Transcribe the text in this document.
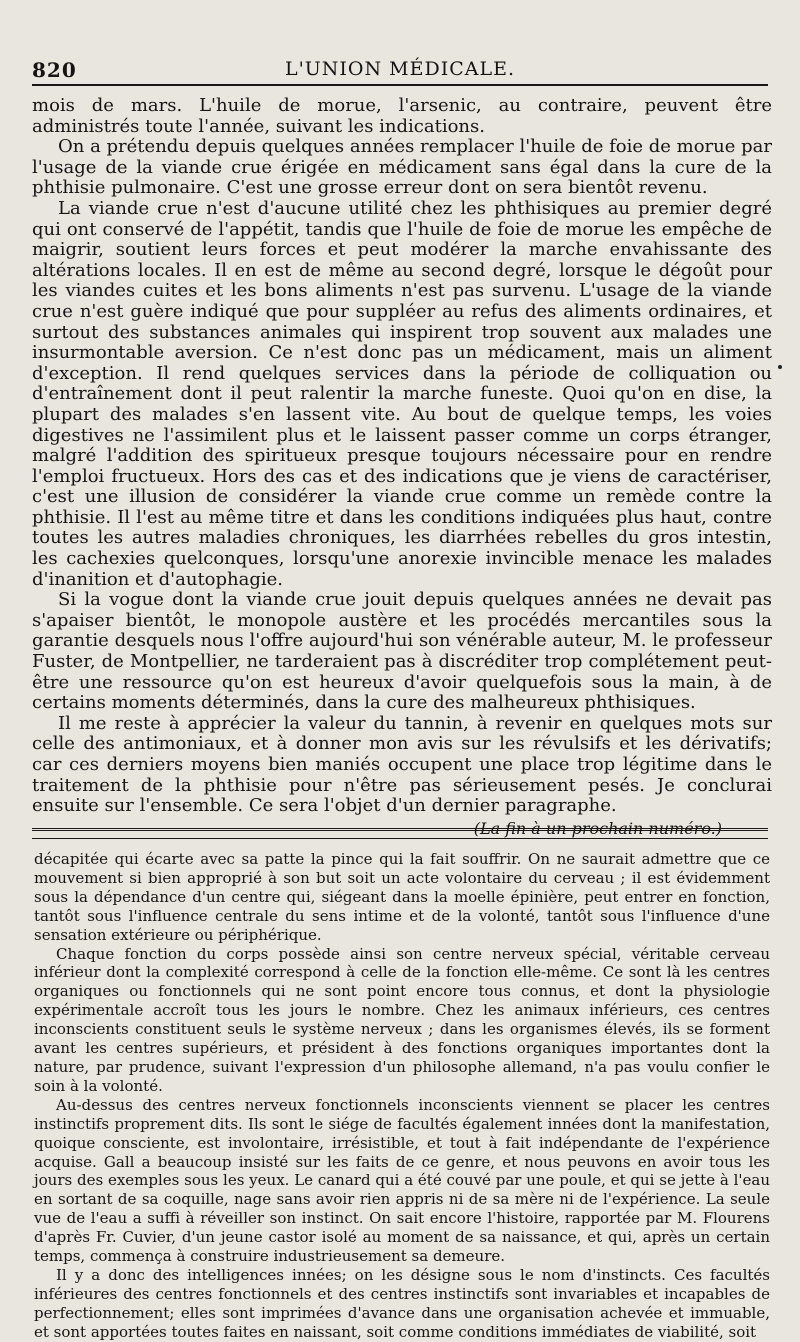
820	L'UNION MÉDICALE.

mois de mars. L'huile de morue, l'arsenic, au contraire, peuvent être administrés toute l'année, suivant les indications.

On a prétendu depuis quelques années remplacer l'huile de foie de morue par l'usage de la viande crue érigée en médicament sans égal dans la cure de la phthisie pulmonaire. C'est une grosse erreur dont on sera bientôt revenu.

La viande crue n'est d'aucune utilité chez les phthisiques au premier degré qui ont conservé de l'appétit, tandis que l'huile de foie de morue les empêche de maigrir, soutient leurs forces et peut modérer la marche envahissante des altérations locales. Il en est de même au second degré, lorsque le dégoût pour les viandes cuites et les bons aliments n'est pas survenu. L'usage de la viande crue n'est guère indiqué que pour suppléer au refus des aliments ordinaires, et surtout des substances animales qui inspirent trop souvent aux malades une insurmontable aversion. Ce n'est donc pas un médicament, mais un aliment d'exception. Il rend quelques services dans la période de colliquation ou d'entraînement dont il peut ralentir la marche funeste. Quoi qu'on en dise, la plupart des malades s'en lassent vite. Au bout de quelque temps, les voies digestives ne l'assimilent plus et le laissent passer comme un corps étranger, malgré l'addition des spiritueux presque toujours nécessaire pour en rendre l'emploi fructueux. Hors des cas et des indications que je viens de caractériser, c'est une illusion de considérer la viande crue comme un remède contre la phthisie. Il l'est au même titre et dans les conditions indiquées plus haut, contre toutes les autres maladies chroniques, les diarrhées rebelles du gros intestin, les cachexies quelconques, lorsqu'une anorexie invincible menace les malades d'inanition et d'autophagie.

Si la vogue dont la viande crue jouit depuis quelques années ne devait pas s'apaiser bientôt, le monopole austère et les procédés mercantiles sous la garantie desquels nous l'offre aujourd'hui son vénérable auteur, M. le professeur Fuster, de Montpellier, ne tarderaient pas à discréditer trop complétement peut-être une ressource qu'on est heureux d'avoir quelquefois sous la main, à de certains moments déterminés, dans la cure des malheureux phthisiques.

Il me reste à apprécier la valeur du tannin, à revenir en quelques mots sur celle des antimoniaux, et à donner mon avis sur les révulsifs et les dérivatifs; car ces derniers moyens bien maniés occupent une place trop légitime dans le traitement de la phthisie pour n'être pas sérieusement pesés. Je conclurai ensuite sur l'ensemble. Ce sera l'objet d'un dernier paragraphe.

(La fin à un prochain numéro.)

décapitée qui écarte avec sa patte la pince qui la fait souffrir. On ne saurait admettre que ce mouvement si bien approprié à son but soit un acte volontaire du cerveau ; il est évidemment sous la dépendance d'un centre qui, siégeant dans la moelle épinière, peut entrer en fonction, tantôt sous l'influence centrale du sens intime et de la volonté, tantôt sous l'influence d'une sensation extérieure ou périphérique.

Chaque fonction du corps possède ainsi son centre nerveux spécial, véritable cerveau inférieur dont la complexité correspond à celle de la fonction elle-même. Ce sont là les centres organiques ou fonctionnels qui ne sont point encore tous connus, et dont la physiologie expérimentale accroît tous les jours le nombre. Chez les animaux inférieurs, ces centres inconscients constituent seuls le système nerveux ; dans les organismes élevés, ils se forment avant les centres supérieurs, et président à des fonctions organiques importantes dont la nature, par prudence, suivant l'expression d'un philosophe allemand, n'a pas voulu confier le soin à la volonté.

Au-dessus des centres nerveux fonctionnels inconscients viennent se placer les centres instinctifs proprement dits. Ils sont le siége de facultés également innées dont la manifestation, quoique consciente, est involontaire, irrésistible, et tout à fait indépendante de l'expérience acquise. Gall a beaucoup insisté sur les faits de ce genre, et nous peuvons en avoir tous les jours des exemples sous les yeux. Le canard qui a été couvé par une poule, et qui se jette à l'eau en sortant de sa coquille, nage sans avoir rien appris ni de sa mère ni de l'expérience. La seule vue de l'eau a suffi à réveiller son instinct. On sait encore l'histoire, rapportée par M. Flourens d'après Fr. Cuvier, d'un jeune castor isolé au moment de sa naissance, et qui, après un certain temps, commença à construire industrieusement sa demeure.

Il y a donc des intelligences innées; on les désigne sous le nom d'instincts. Ces facultés inférieures des centres fonctionnels et des centres instinctifs sont invariables et incapables de perfectionnement; elles sont imprimées d'avance dans une organisation achevée et immuable, et sont apportées toutes faites en naissant, soit comme conditions immédiates de viabilité, soit
